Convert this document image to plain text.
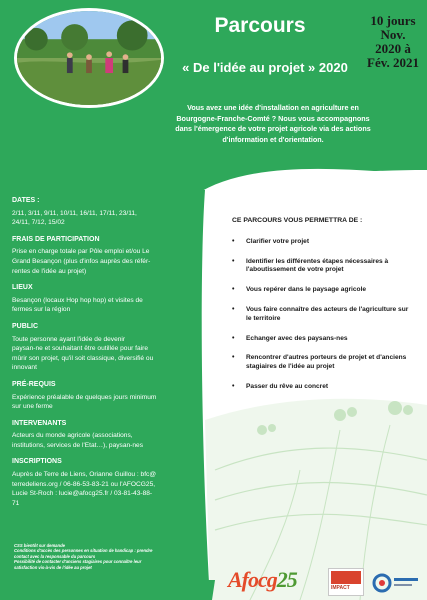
Parcours	10 jours
Nov.
2020 à
Fév. 2021
« De l'idée au projet » 2020
Vous avez une idée d'installation en agriculture en Bourgogne-Franche-Comté ? Nous vous accompagnons dans l'émergence de votre projet agricole via des actions d'information et d'orientation.
DATES :
2/11, 3/11, 9/11, 10/11, 16/11, 17/11, 23/11,
24/11, 7/12, 15/02
FRAIS DE PARTICIPATION
Prise en charge totale par Pôle emploi et/ou Le
Grand Besançon (plus d'infos auprès des référ-
rentes de l'idée au projet)
LIEUX
Besançon (locaux Hop hop hop) et visites de
fermes sur la région
PUBLIC
Toute personne ayant l'idée de devenir
paysan-ne et souhaitant être outillée pour faire
mûrir son projet, qu'il soit classique, diversifié ou
innovant
PRÉ-REQUIS
Expérience préalable de quelques jours minimum
sur une ferme
INTERVENANTS
Acteurs du monde agricole (associations,
institutions, services de l'Etat…), paysan-nes
INSCRIPTIONS
Auprès de Terre de Liens, Orianne Guillou : bfc@
terredeliens.org / 06-86-53-83-21 ou l'AFOCG25,
Lucie St-Roch : lucie@afocg25.fr / 03-81-43-88-
71
CSS bientôt sur demande
Conditions d'accès des personnes en situation de handicap : prendre contact avec la responsable du parcours
Possibilité de contacter d'anciens stagiaires pour connaître leur satisfaction vis-à-vis de l'idée au projet
CE PARCOURS VOUS PERMETTRA DE :
• Clarifier votre projet
• Identifier les différentes étapes nécessaires à l'aboutissement de votre projet
• Vous repérer dans le paysage agricole
• Vous faire connaître des acteurs de l'agriculture sur le territoire
• Echanger avec des paysans-nes
• Rencontrer d'autres porteurs de projet et d'anciens stagiaires de l'idée au projet
• Passer du rêve au concret
Afocg25	IMPACT
